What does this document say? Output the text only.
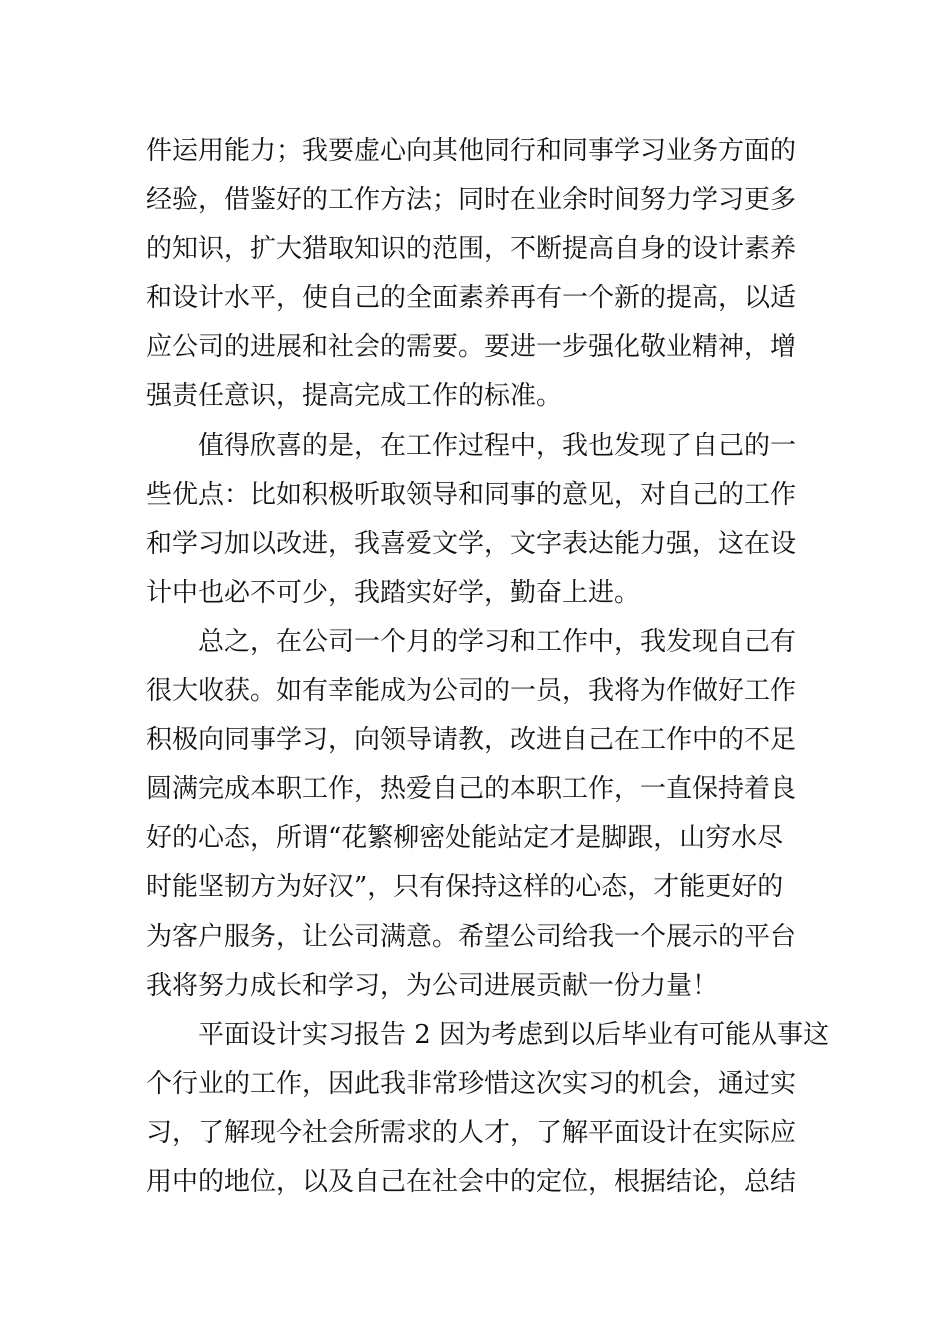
件运用能力；我要虚心向其他同行和同事学习业务方面的
经验，借鉴好的工作方法；同时在业余时间努力学习更多
的知识，扩大猎取知识的范围，不断提高自身的设计素养
和设计水平，使自己的全面素养再有一个新的提高，以适
应公司的进展和社会的需要。要进一步强化敬业精神，增
强责任意识，提高完成工作的标准。
值得欣喜的是，在工作过程中，我也发现了自己的一
些优点：比如积极听取领导和同事的意见，对自己的工作
和学习加以改进，我喜爱文学，文字表达能力强，这在设
计中也必不可少，我踏实好学，勤奋上进。
总之，在公司一个月的学习和工作中，我发现自己有
很大收获。如有幸能成为公司的一员，我将为作做好工作
积极向同事学习，向领导请教，改进自己在工作中的不足
圆满完成本职工作，热爱自己的本职工作，一直保持着良
好的心态，所谓“花繁柳密处能站定才是脚跟，山穷水尽
时能坚韧方为好汉”，只有保持这样的心态，才能更好的
为客户服务，让公司满意。希望公司给我一个展示的平台
我将努力成长和学习，为公司进展贡献一份力量！
平面设计实习报告 2 因为考虑到以后毕业有可能从事这
个行业的工作，因此我非常珍惜这次实习的机会，通过实
习，了解现今社会所需求的人才，了解平面设计在实际应
用中的地位，以及自己在社会中的定位，根据结论，总结
